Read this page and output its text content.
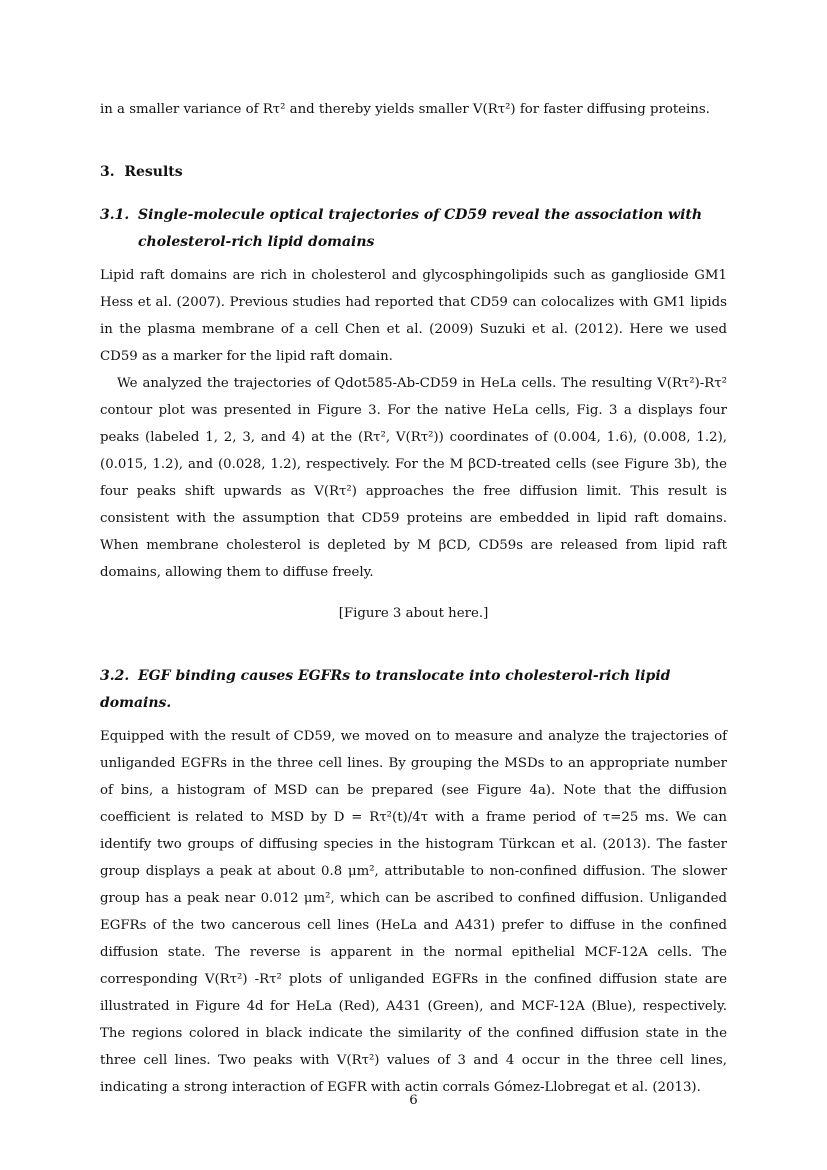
in a smaller variance of Rτ² and thereby yields smaller V(Rτ²) for faster diffusing proteins.

3. Results
3.1. Single-molecule optical trajectories of CD59 reveal the association with
cholesterol-rich lipid domains

Lipid raft domains are rich in cholesterol and glycosphingolipids such as ganglioside GM1 Hess et al. (2007). Previous studies had reported that CD59 can colocalizes with GM1 lipids in the plasma membrane of a cell Chen et al. (2009) Suzuki et al. (2012). Here we used CD59 as a marker for the lipid raft domain.

We analyzed the trajectories of Qdot585-Ab-CD59 in HeLa cells. The resulting V(Rτ²)-Rτ² contour plot was presented in Figure 3. For the native HeLa cells, Fig. 3 a displays four peaks (labeled 1, 2, 3, and 4) at the (Rτ², V(Rτ²)) coordinates of (0.004, 1.6), (0.008, 1.2), (0.015, 1.2), and (0.028, 1.2), respectively. For the M βCD-treated cells (see Figure 3b), the four peaks shift upwards as V(Rτ²) approaches the free diffusion limit. This result is consistent with the assumption that CD59 proteins are embedded in lipid raft domains. When membrane cholesterol is depleted by M βCD, CD59s are released from lipid raft domains, allowing them to diffuse freely.

[Figure 3 about here.]

3.2. EGF binding causes EGFRs to translocate into cholesterol-rich lipid domains.

Equipped with the result of CD59, we moved on to measure and analyze the trajectories of unliganded EGFRs in the three cell lines. By grouping the MSDs to an appropriate number of bins, a histogram of MSD can be prepared (see Figure 4a). Note that the diffusion coefficient is related to MSD by D = Rτ²(t)/4τ with a frame period of τ=25 ms. We can identify two groups of diffusing species in the histogram Türkcan et al. (2013). The faster group displays a peak at about 0.8 μm², attributable to non-confined diffusion. The slower group has a peak near 0.012 μm², which can be ascribed to confined diffusion. Unliganded EGFRs of the two cancerous cell lines (HeLa and A431) prefer to diffuse in the confined diffusion state. The reverse is apparent in the normal epithelial MCF-12A cells. The corresponding V(Rτ²) -Rτ² plots of unliganded EGFRs in the confined diffusion state are illustrated in Figure 4d for HeLa (Red), A431 (Green), and MCF-12A (Blue), respectively. The regions colored in black indicate the similarity of the confined diffusion state in the three cell lines. Two peaks with V(Rτ²) values of 3 and 4 occur in the three cell lines, indicating a strong interaction of EGFR with actin corrals Gómez-Llobregat et al. (2013).

6
